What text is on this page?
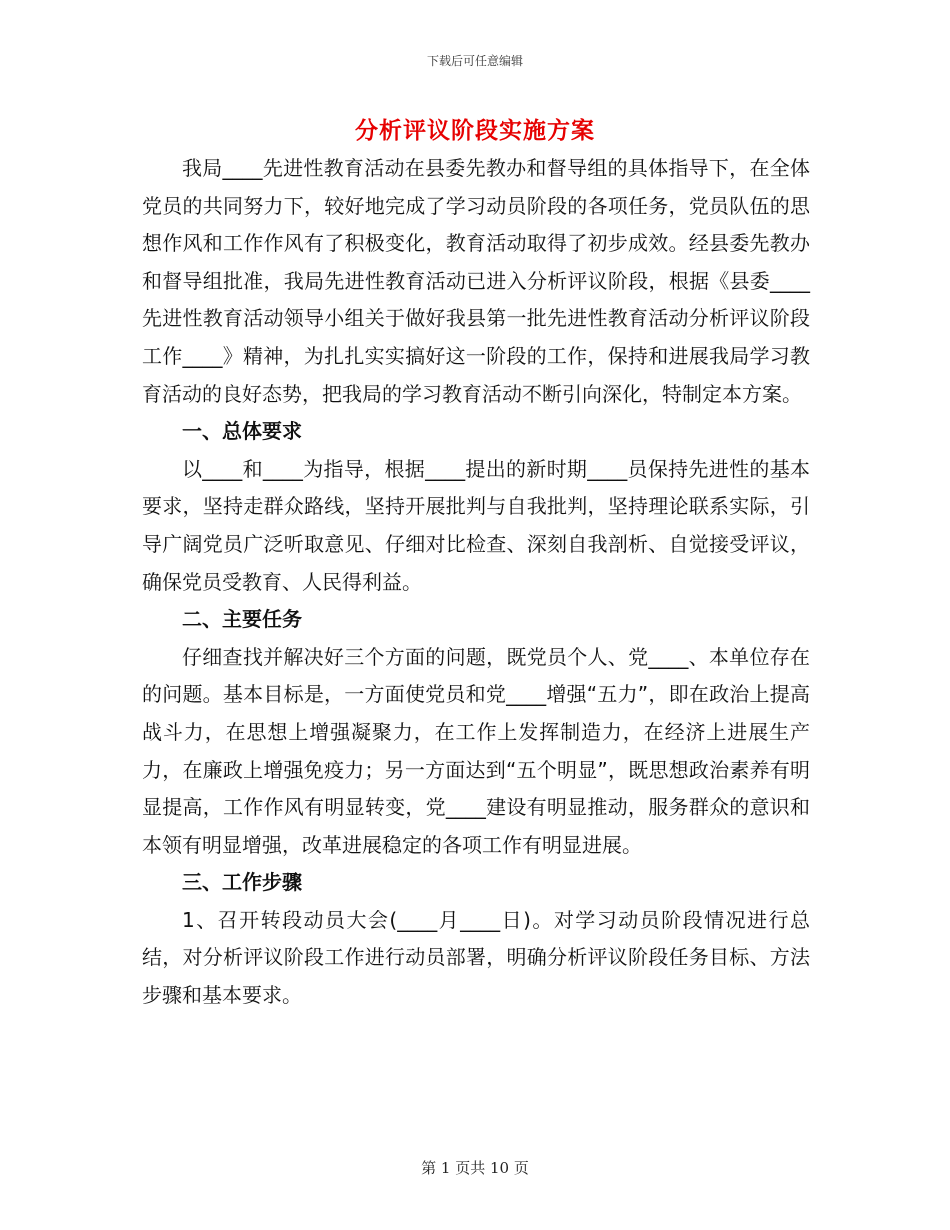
下载后可任意编辑
分析评议阶段实施方案

我局____先进性教育活动在县委先教办和督导组的具体指导下，在全体党员的共同努力下，较好地完成了学习动员阶段的各项任务，党员队伍的思想作风和工作作风有了积极变化，教育活动取得了初步成效。经县委先教办和督导组批准，我局先进性教育活动已进入分析评议阶段，根据《县委____先进性教育活动领导小组关于做好我县第一批先进性教育活动分析评议阶段工作____》精神，为扎扎实实搞好这一阶段的工作，保持和进展我局学习教育活动的良好态势，把我局的学习教育活动不断引向深化，特制定本方案。

一、总体要求

以____和____为指导，根据____提出的新时期____员保持先进性的基本要求，坚持走群众路线，坚持开展批判与自我批判，坚持理论联系实际，引导广阔党员广泛听取意见、仔细对比检查、深刻自我剖析、自觉接受评议，确保党员受教育、人民得利益。

二、主要任务

仔细查找并解决好三个方面的问题，既党员个人、党____、本单位存在的问题。基本目标是，一方面使党员和党____增强“五力”，即在政治上提高战斗力，在思想上增强凝聚力，在工作上发挥制造力，在经济上进展生产力，在廉政上增强免疫力；另一方面达到“五个明显”，既思想政治素养有明显提高，工作作风有明显转变，党____建设有明显推动，服务群众的意识和本领有明显增强，改革进展稳定的各项工作有明显进展。

三、工作步骤

1、召开转段动员大会(____月____日)。对学习动员阶段情况进行总结，对分析评议阶段工作进行动员部署，明确分析评议阶段任务目标、方法步骤和基本要求。

第 1 页共 10 页
